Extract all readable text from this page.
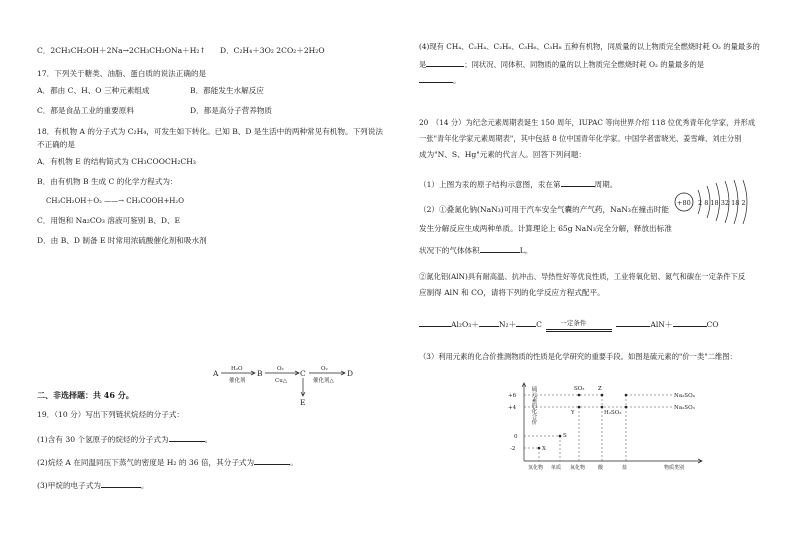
C．2CH₃CH₂OH＋2Na→2CH₃CH₂ONa＋H₂↑ D．C₂H₄＋3O₂ 2CO₂＋2H₂O
17．下列关于糖类、油脂、蛋白质的说法正确的是
A．都由 C、H、O 三种元素组成	B．都能发生水解反应
C．都是食品工业的重要原料	D．都是高分子营养物质
18．有机物 A 的分子式为 C₂H₄，可发生如下转化。已知 B、D 是生活中的两种常见有机物。下列说法
不正确的是
A．有机物 E 的结构简式为 CH₃COOCH₂CH₃
B．由有机物 B 生成 C 的化学方程式为：
CH₃CH₂OH＋O₂ ——→ CH₃COOH+H₂O
C．用饱和 Na₂CO₃ 溶液可鉴别 B、D、E
D．由 B、D 制备 E 时常用浓硫酸催化剂和吸水剂
A	B	C	D
E
H₂O
催化剂
O₂
Cu△
O₂
催化剂△
二、非选择题：共 46 分。
19．（10 分）写出下列链状烷烃的分子式：
(1)含有 30 个氢原子的烷烃的分子式为	。
(2)烷烃 A 在同温同压下蒸气的密度是 H₂ 的 36 倍，其分子式为	。
(3)甲烷的电子式为	。
(4)现有 CH₄、C₂H₄、C₂H₆、C₃H₆、C₃H₈ 五种有机物，同质量的以上物质完全燃烧时耗 O₂ 的量最多的
是	；同状况、同体积、同物质的量的以上物质完全燃烧时耗 O₂ 的量最多的是
。
20　（14 分）为纪念元素周期表诞生 150 周年，IUPAC 等向世界介绍 118 位优秀青年化学家，并形成
一张"青年化学家元素周期表"，其中包括 8 位中国青年化学家。中国学者雷晓光、姜雪峰、刘庄分别
成为"N、S、Hg"元素的代言人。回答下列问题：
（1）上图为汞的原子结构示意图，汞在第	周期。
（2）①叠氮化钠(NaN₃)可用于汽车安全气囊的产气药，NaN₃在撞击时能
发生分解反应生成两种单质。计算理论上 65g NaN₃完全分解，释放出标准
状况下的气体体积	L。
+80 2 8 18 32 18 2
②氮化铝(AlN)具有耐高温、抗冲击、导热性好等优良性质，工业将氧化铝、氮气和碳在一定条件下反
应制得 AlN 和 CO，请将下列的化学反应方程式配平。
Al₂O₃＋	N₂＋	C	一定条件	AlN＋	CO
（3）利用元素的化合价推测物质的性质是化学研究的重要手段。如图是硫元素的"价一类"二维图：
硫元素的化合价
+6
+4
0
-2
氢化物 单质 氧化物	酸	盐	物质类别
X
S
Y
SO₃ Z
H₂SO₃
Na₂SO₄
Na₂SO₃
